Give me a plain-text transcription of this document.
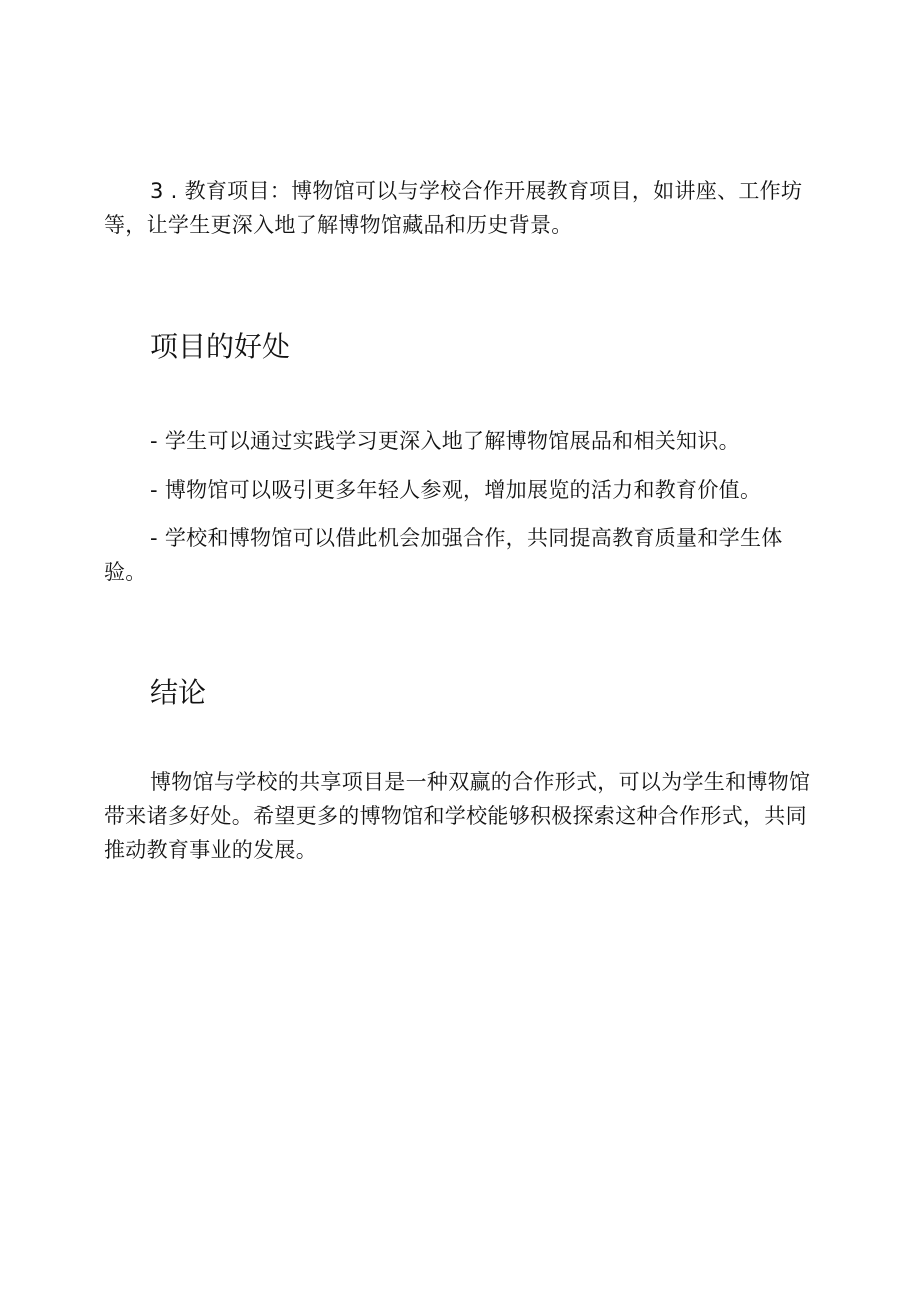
3 . 教育项目：博物馆可以与学校合作开展教育项目，如讲座、工作坊等，让学生更深入地了解博物馆藏品和历史背景。

项目的好处

- 学生可以通过实践学习更深入地了解博物馆展品和相关知识。

- 博物馆可以吸引更多年轻人参观，增加展览的活力和教育价值。

- 学校和博物馆可以借此机会加强合作，共同提高教育质量和学生体验。

结论

博物馆与学校的共享项目是一种双赢的合作形式，可以为学生和博物馆带来诸多好处。希望更多的博物馆和学校能够积极探索这种合作形式，共同推动教育事业的发展。
